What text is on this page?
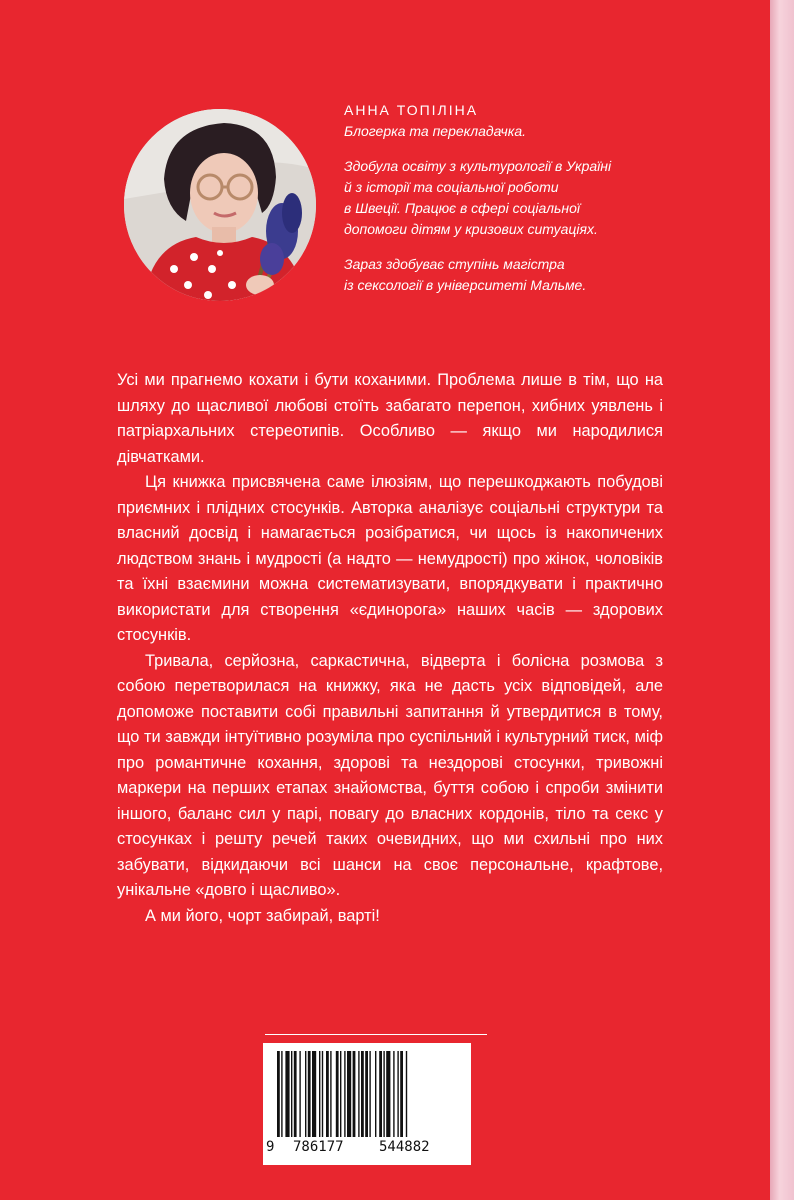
АННА ТОПІЛІНА

Блогерка та перекладачка.

Здобула освіту з культурології в Україні

й з історії та соціальної роботи

в Швеції. Працює в сфері соціальної

допомоги дітям у кризових ситуаціях.

Зараз здобуває ступінь магістра

із сексології в університеті Мальме.

Усі ми прагнемо кохати і бути коханими. Проблема лише в тім, що на шляху до щасливої любові стоїть забагато перепон, хибних уявлень і патріархальних стереотипів. Особливо — якщо ми народилися дівчатками.

Ця книжка присвячена саме ілюзіям, що перешкоджають побудові приємних і плідних стосунків. Авторка аналізує соціальні структури та власний досвід і намагається розібратися, чи щось із накопичених людством знань і мудрості (а надто — немудрості) про жінок, чоловіків та їхні взаємини можна систематизувати, впорядкувати і практично використати для створення «єдинорога» наших часів — здорових стосунків.

Тривала, серйозна, саркастична, відверта і болісна розмова з собою перетворилася на книжку, яка не дасть усіх відповідей, але допоможе поставити собі правильні запитання й утвердитися в тому, що ти завжди інтуїтивно розуміла про суспільний і культурний тиск, міф про романтичне кохання, здорові та нездорові стосунки, тривожні маркери на перших етапах знайомства, буття собою і спроби змінити іншого, баланс сил у парі, повагу до власних кордонів, тіло та секс у стосунках і решту речей таких очевидних, що ми схильні про них забувати, відкидаючи всі шанси на своє персональне, крафтове, унікальне «довго і щасливо».

А ми його, чорт забирай, варті!

9 786177	544882
